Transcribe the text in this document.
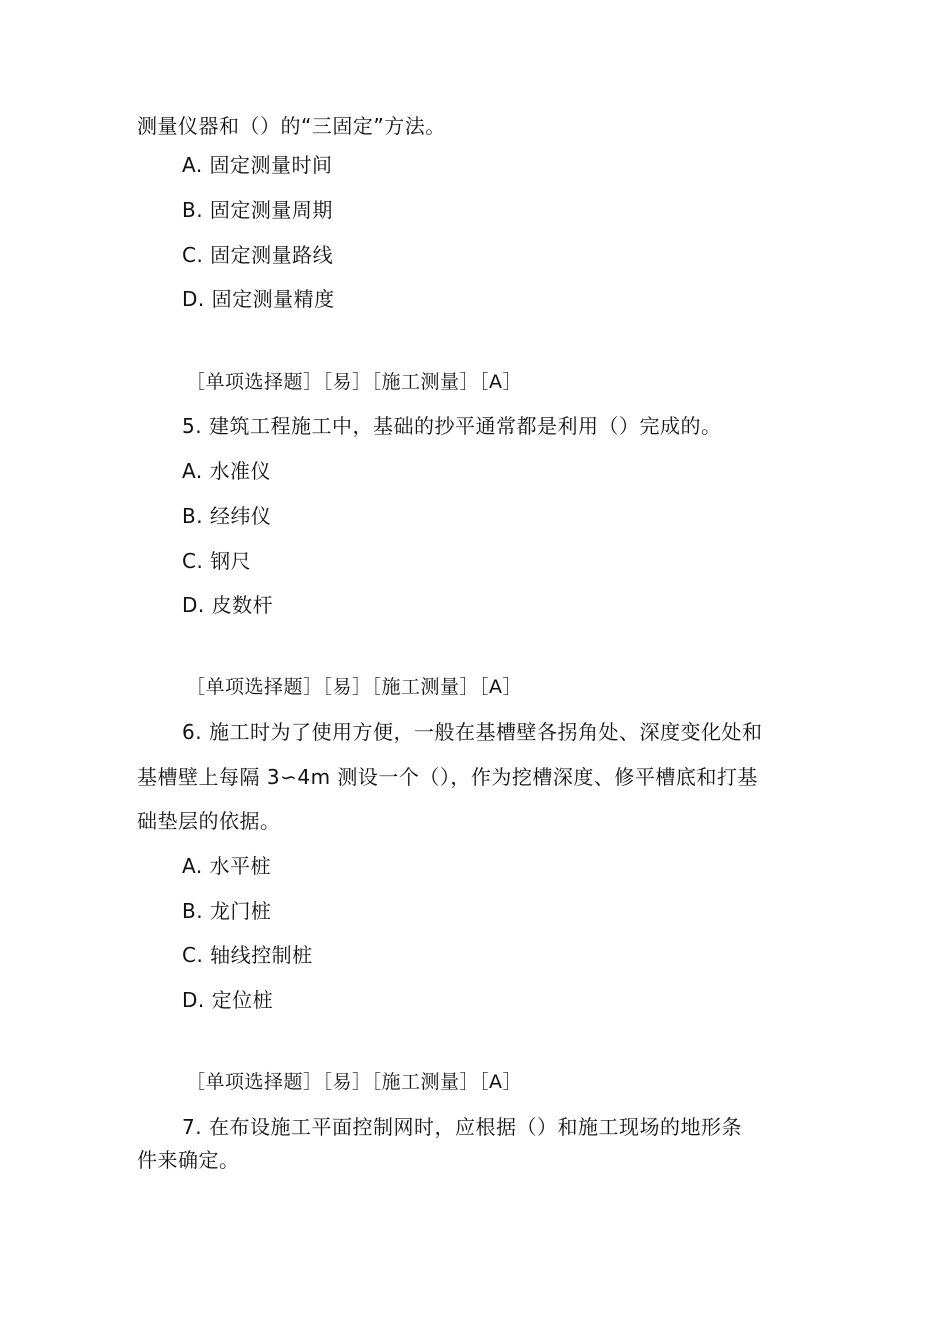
测量仪器和（）的“三固定”方法。
A. 固定测量时间
B. 固定测量周期
C. 固定测量路线
D. 固定测量精度
［单项选择题］［易］［施工测量］［A］
5. 建筑工程施工中，基础的抄平通常都是利用（）完成的。
A. 水准仪
B. 经纬仪
C. 钢尺
D. 皮数杆
［单项选择题］［易］［施工测量］［A］
6. 施工时为了使用方便，一般在基槽壁各拐角处、深度变化处和
基槽壁上每隔 3∽4m 测设一个（），作为挖槽深度、修平槽底和打基
础垫层的依据。
A. 水平桩
B. 龙门桩
C. 轴线控制桩
D. 定位桩
［单项选择题］［易］［施工测量］［A］
7. 在布设施工平面控制网时，应根据（）和施工现场的地形条
件来确定。
